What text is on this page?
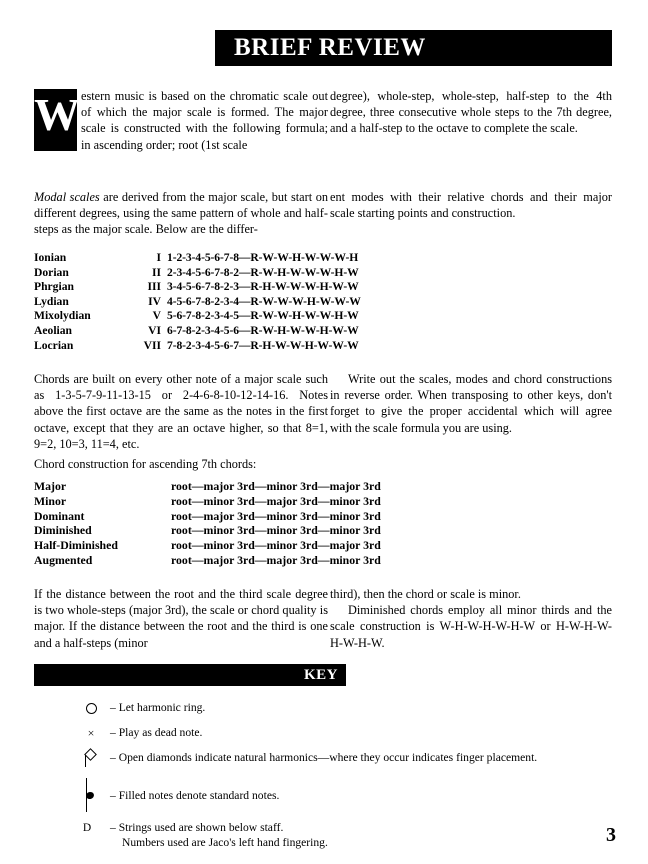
BRIEF REVIEW
W estern music is based on the chromatic scale out of which the major scale is formed. The major scale is constructed with the following formula; in ascending order; root (1st scale
degree), whole-step, whole-step, half-step to the 4th degree, three consecutive whole steps to the 7th degree, and a half-step to the octave to complete the scale.
Modal scales are derived from the major scale, but start on different degrees, using the same pattern of whole and half-steps as the major scale. Below are the differ-
ent modes with their relative chords and their major scale starting points and construction.
Ionian	I 1-2-3-4-5-6-7-8—R-W-W-H-W-W-W-H
Dorian	II 2-3-4-5-6-7-8-2—R-W-H-W-W-W-H-W
Phrgian	III 3-4-5-6-7-8-2-3—R-H-W-W-W-H-W-W
Lydian	IV 4-5-6-7-8-2-3-4—R-W-W-W-H-W-W-W
Mixolydian	V 5-6-7-8-2-3-4-5—R-W-W-H-W-W-H-W
Aeolian	VI 6-7-8-2-3-4-5-6—R-W-H-W-W-H-W-W
Locrian	VII 7-8-2-3-4-5-6-7—R-H-W-W-H-W-W-W
Chords are built on every other note of a major scale such as 1-3-5-7-9-11-13-15 or 2-4-6-8-10-12-14-16. Notes above the first octave are the same as the notes in the first octave, except that they are an octave higher, so that 8=1, 9=2, 10=3, 11=4, etc.
Write out the scales, modes and chord constructions in reverse order. When transposing to other keys, don't forget to give the proper accidental which will agree with the scale formula you are using.
Chord construction for ascending 7th chords:
Major	root—major 3rd—minor 3rd—major 3rd
Minor	root—minor 3rd—major 3rd—minor 3rd
Dominant	root—major 3rd—minor 3rd—minor 3rd
Diminished	root—minor 3rd—minor 3rd—minor 3rd
Half-Diminished	root—minor 3rd—minor 3rd—major 3rd
Augmented	root—major 3rd—major 3rd—minor 3rd
If the distance between the root and the third scale degree is two whole-steps (major 3rd), the scale or chord quality is major. If the distance between the root and the third is one and a half-steps (minor
third), then the chord or scale is minor.
Diminished chords employ all minor thirds and the scale construction is W-H-W-H-W-H-W or H-W-H-W-H-W-H-W.
KEY
– Let harmonic ring.
×	– Play as dead note.
– Open diamonds indicate natural harmonics—where they occur indicates finger placement.
– Filled notes denote standard notes.
D	– Strings used are shown below staff.
Numbers used are Jaco's left hand fingering.	3
